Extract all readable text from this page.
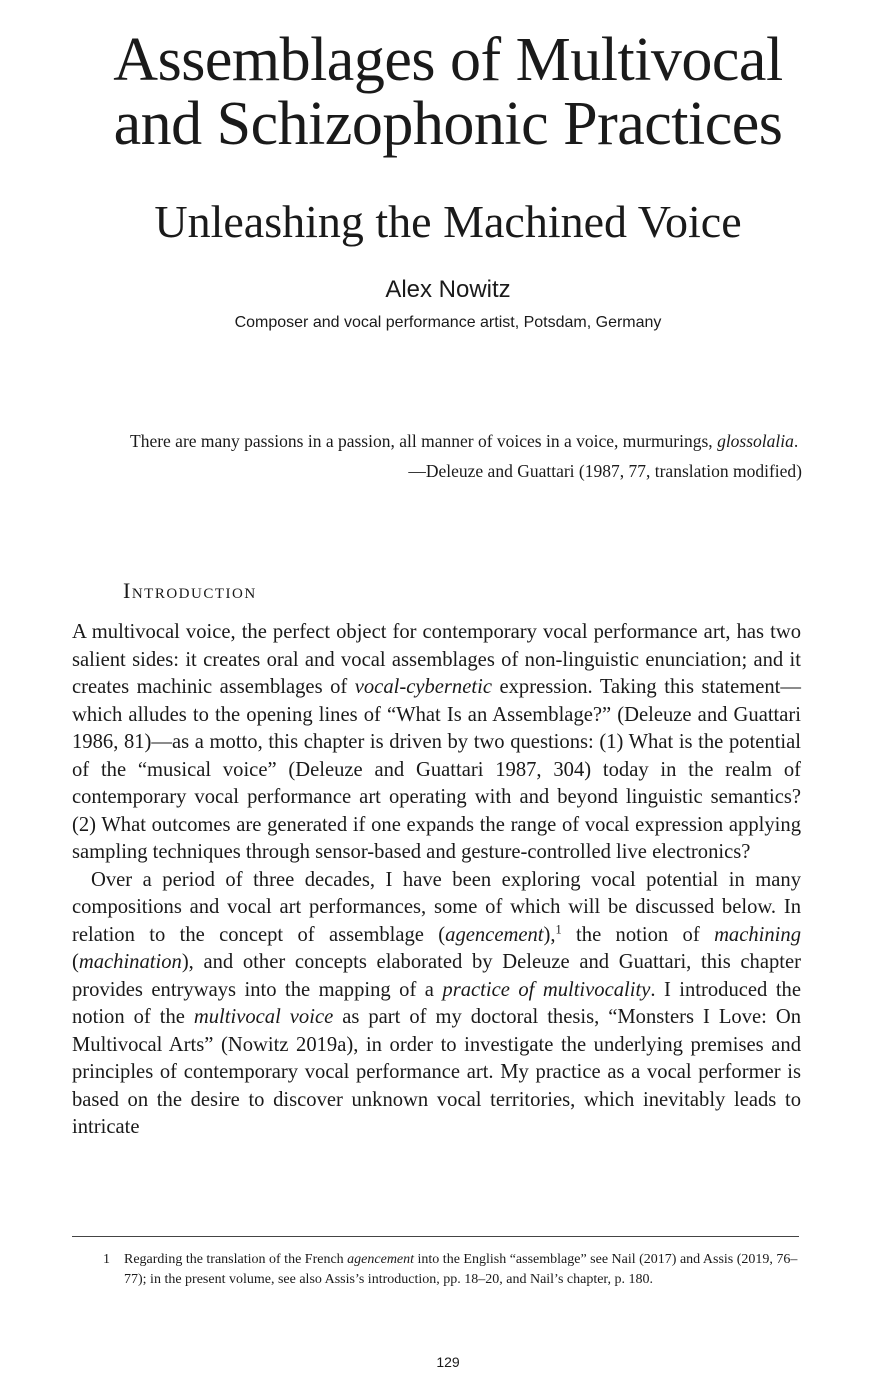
Assemblages of Multivocal
and Schizophonic Practices
Unleashing the Machined Voice
Alex Nowitz
Composer and vocal performance artist, Potsdam, Germany

There are many passions in a passion, all manner of voices in a voice, murmurings, glossolalia.

—Deleuze and Guattari (1987, 77, translation modified)

Introduction

A multivocal voice, the perfect object for contemporary vocal performance art, has two salient sides: it creates oral and vocal assemblages of non-linguistic enunciation; and it creates machinic assemblages of vocal-cybernetic expression. Taking this statement—which alludes to the opening lines of “What Is an Assemblage?” (Deleuze and Guattari 1986, 81)—as a motto, this chapter is driven by two questions: (1) What is the potential of the “musical voice” (Deleuze and Guattari 1987, 304) today in the realm of contemporary vocal performance art operating with and beyond linguistic semantics? (2) What outcomes are generated if one expands the range of vocal expression applying sampling techniques through sensor-based and gesture-controlled live electronics?

Over a period of three decades, I have been exploring vocal potential in many compositions and vocal art performances, some of which will be discussed below. In relation to the concept of assemblage (agencement),$^1$ the notion of machining (machination), and other concepts elaborated by Deleuze and Guattari, this chapter provides entryways into the mapping of a practice of multivocality. I introduced the notion of the multivocal voice as part of my doctoral thesis, “Monsters I Love: On Multivocal Arts” (Nowitz 2019a), in order to investigate the underlying premises and principles of contemporary vocal performance art. My practice as a vocal performer is based on the desire to discover unknown vocal territories, which inevitably leads to intricate

1 Regarding the translation of the French agencement into the English “assemblage” see Nail (2017) and Assis (2019, 76–77); in the present volume, see also Assis’s introduction, pp. 18–20, and Nail’s chapter, p. 180.

129
